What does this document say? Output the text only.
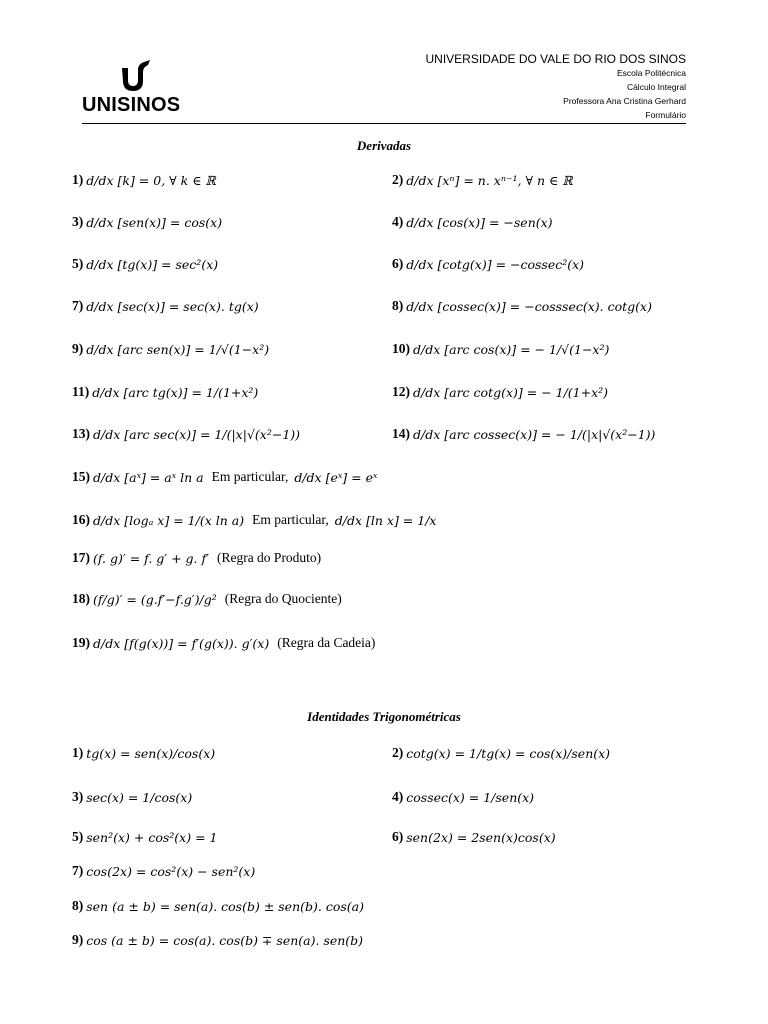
UNISINOS
UNIVERSIDADE DO VALE DO RIO DOS SINOS
Escola Politécnica
Cálculo Integral
Professora Ana Cristina Gerhard
Formulário
Derivadas
1) d/dx [k] = 0, ∀ k ∈ ℝ	2) d/dx [xⁿ] = n. xⁿ⁻¹, ∀ n ∈ ℝ
3) d/dx [sen(x)] = cos(x)	4) d/dx [cos(x)] = −sen(x)
5) d/dx [tg(x)] = sec²(x)	6) d/dx [cotg(x)] = −cossec²(x)
7) d/dx [sec(x)] = sec(x). tg(x)	8) d/dx [cossec(x)] = −cosssec(x). cotg(x)
9) d/dx [arc sen(x)] = 1/√(1−x²)	10) d/dx [arc cos(x)] = − 1/√(1−x²)
11) d/dx [arc tg(x)] = 1/(1+x²)	12) d/dx [arc cotg(x)] = − 1/(1+x²)
13) d/dx [arc sec(x)] = 1/(|x|√(x²−1))	14) d/dx [arc cossec(x)] = − 1/(|x|√(x²−1))
15) d/dx [aˣ] = aˣ ln a Em particular, d/dx [eˣ] = eˣ
16) d/dx [logₐ x] = 1/(x ln a) Em particular, d/dx [ln x] = 1/x
17) (f. g)′ = f. g′ + g. f′ (Regra do Produto)
18) (f/g)′ = (g.f′−f.g′)/g² (Regra do Quociente)
19) d/dx [f(g(x))] = f′(g(x)). g′(x) (Regra da Cadeia)
Identidades Trigonométricas
1) tg(x) = sen(x)/cos(x)	2) cotg(x) = 1/tg(x) = cos(x)/sen(x)
3) sec(x) = 1/cos(x)	4) cossec(x) = 1/sen(x)
5) sen²(x) + cos²(x) = 1	6) sen(2x) = 2sen(x)cos(x)
7) cos(2x) = cos²(x) − sen²(x)
8) sen (a ± b) = sen(a). cos(b) ± sen(b). cos(a)
9) cos (a ± b) = cos(a). cos(b) ∓ sen(a). sen(b)
